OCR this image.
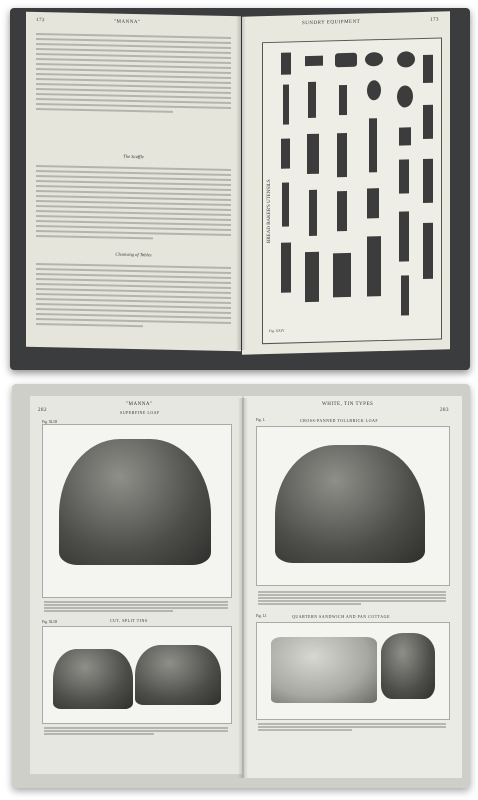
172	"MANNA"
The Scuffle
Cleansing of Tables
SUNDRY EQUIPMENT	173
BREAD BAKER'S UTENSILS
Fig. XXIV
282
"MANNA"
SUPERFINE LOAF
Fig. XLIII
Fig. XLIII	CUT, SPLIT TINS
WHITE, TIN TYPES
283
Fig. L	CROSS-PANNED TOLLBRICK LOAF
Fig. LI	QUARTERN SANDWICH AND PAN COTTAGE
